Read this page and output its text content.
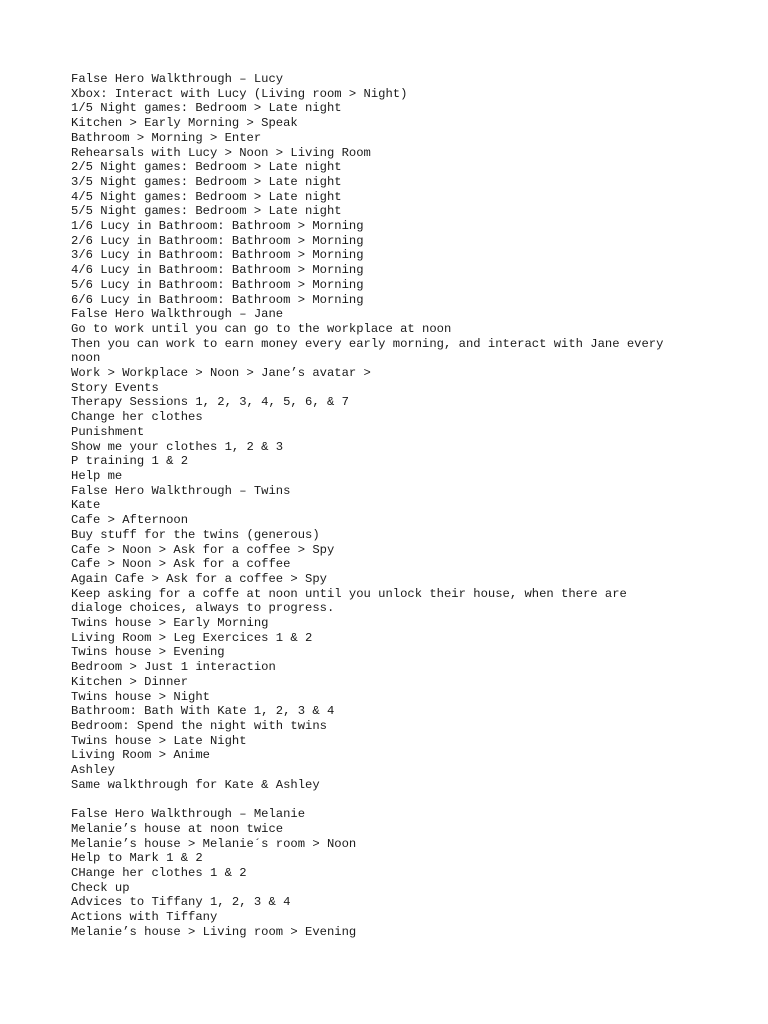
False Hero Walkthrough – Lucy

Xbox: Interact with Lucy (Living room > Night)

1/5 Night games: Bedroom > Late night

Kitchen > Early Morning > Speak

Bathroom > Morning > Enter

Rehearsals with Lucy > Noon > Living Room

2/5 Night games: Bedroom > Late night

3/5 Night games: Bedroom > Late night

4/5 Night games: Bedroom > Late night

5/5 Night games: Bedroom > Late night

1/6 Lucy in Bathroom: Bathroom > Morning

2/6 Lucy in Bathroom: Bathroom > Morning

3/6 Lucy in Bathroom: Bathroom > Morning

4/6 Lucy in Bathroom: Bathroom > Morning

5/6 Lucy in Bathroom: Bathroom > Morning

6/6 Lucy in Bathroom: Bathroom > Morning

False Hero Walkthrough – Jane

Go to work until you can go to the workplace at noon

Then you can work to earn money every early morning, and interact with Jane every

noon

Work > Workplace > Noon > Jane’s avatar >

Story Events

Therapy Sessions 1, 2, 3, 4, 5, 6, & 7

Change her clothes

Punishment

Show me your clothes 1, 2 & 3

P training 1 & 2

Help me

False Hero Walkthrough – Twins

Kate

Cafe > Afternoon

Buy stuff for the twins (generous)

Cafe > Noon > Ask for a coffee > Spy

Cafe > Noon > Ask for a coffee

Again Cafe > Ask for a coffee > Spy

Keep asking for a coffe at noon until you unlock their house, when there are

dialoge choices, always to progress.

Twins house > Early Morning

Living Room > Leg Exercices 1 & 2

Twins house > Evening

Bedroom > Just 1 interaction

Kitchen > Dinner

Twins house > Night

Bathroom: Bath With Kate 1, 2, 3 & 4

Bedroom: Spend the night with twins

Twins house > Late Night

Living Room > Anime

Ashley

Same walkthrough for Kate & Ashley

False Hero Walkthrough – Melanie

Melanie’s house at noon twice

Melanie’s house > Melanie´s room > Noon

Help to Mark 1 & 2

CHange her clothes 1 & 2

Check up

Advices to Tiffany 1, 2, 3 & 4

Actions with Tiffany

Melanie’s house > Living room > Evening
